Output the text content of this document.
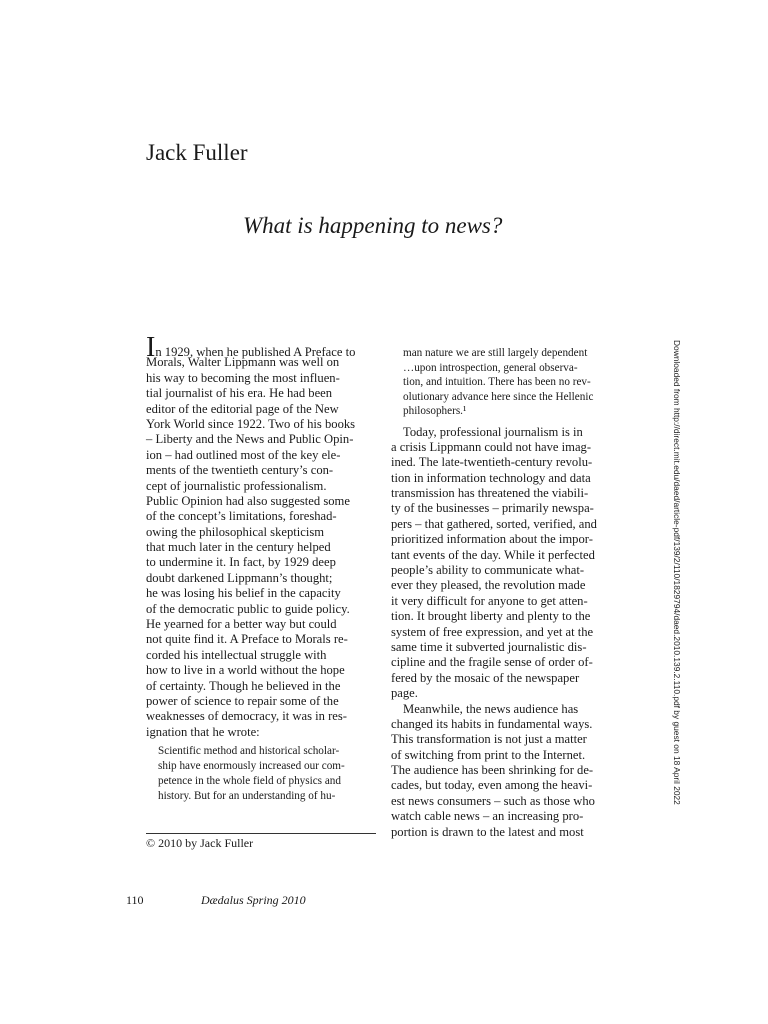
Jack Fuller
What is happening to news?
In 1929, when he published A Preface to
Morals, Walter Lippmann was well on
his way to becoming the most influen-
tial journalist of his era. He had been
editor of the editorial page of the New
York World since 1922. Two of his books
– Liberty and the News and Public Opin-
ion – had outlined most of the key ele-
ments of the twentieth century’s con-
cept of journalistic professionalism.
Public Opinion had also suggested some
of the concept’s limitations, foreshad-
owing the philosophical skepticism
that much later in the century helped
to undermine it. In fact, by 1929 deep
doubt darkened Lippmann’s thought;
he was losing his belief in the capacity
of the democratic public to guide policy.
He yearned for a better way but could
not quite find it. A Preface to Morals re-
corded his intellectual struggle with
how to live in a world without the hope
of certainty. Though he believed in the
power of science to repair some of the
weaknesses of democracy, it was in res-
ignation that he wrote:
Scientific method and historical scholar-
ship have enormously increased our com-
petence in the whole field of physics and
history. But for an understanding of hu-
man nature we are still largely dependent
…upon introspection, general observa-
tion, and intuition. There has been no rev-
olutionary advance here since the Hellenic
philosophers.¹
Today, professional journalism is in
a crisis Lippmann could not have imag-
ined. The late-twentieth-century revolu-
tion in information technology and data
transmission has threatened the viabili-
ty of the businesses – primarily newspa-
pers – that gathered, sorted, verified, and
prioritized information about the impor-
tant events of the day. While it perfected
people’s ability to communicate what-
ever they pleased, the revolution made
it very difficult for anyone to get atten-
tion. It brought liberty and plenty to the
system of free expression, and yet at the
same time it subverted journalistic dis-
cipline and the fragile sense of order of-
fered by the mosaic of the newspaper
page.
Meanwhile, the news audience has
changed its habits in fundamental ways.
This transformation is not just a matter
of switching from print to the Internet.
The audience has been shrinking for de-
cades, but today, even among the heavi-
est news consumers – such as those who
watch cable news – an increasing pro-
portion is drawn to the latest and most
© 2010 by Jack Fuller
110	Dædalus Spring 2010
Downloaded from http://direct.mit.edu/daed/article-pdf/139/2/110/1829794/daed.2010.139.2.110.pdf by guest on 18 April 2022
